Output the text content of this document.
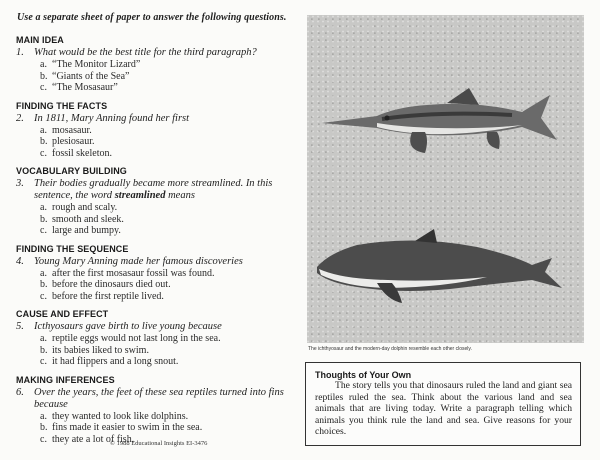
Use a separate sheet of paper to answer the following questions.
MAIN IDEA
1. What would be the best title for the third paragraph?
a. “The Monitor Lizard”
b. “Giants of the Sea”
c. “The Mosasaur”
FINDING THE FACTS
2. In 1811, Mary Anning found her first
a. mosasaur.
b. plesiosaur.
c. fossil skeleton.
VOCABULARY BUILDING
3. Their bodies gradually became more streamlined. In this sentence, the word streamlined means
a. rough and scaly.
b. smooth and sleek.
c. large and bumpy.
FINDING THE SEQUENCE
4. Young Mary Anning made her famous discoveries
a. after the first mosasaur fossil was found.
b. before the dinosaurs died out.
c. before the first reptile lived.
CAUSE AND EFFECT
5. Icthyosaurs gave birth to live young because
a. reptile eggs would not last long in the sea.
b. its babies liked to swim.
c. it had flippers and a long snout.
MAKING INFERENCES
6. Over the years, the feet of these sea reptiles turned into fins because
a. they wanted to look like dolphins.
b. fins made it easier to swim in the sea.
c. they ate a lot of fish.
© 1988 Educational Insights EI-3476
The ichthyosaur and the modern-day dolphin resemble each other closely.
Thoughts of Your Own

The story tells you that dinosaurs ruled the land and giant sea reptiles ruled the sea. Think about the various land and sea animals that are living today. Write a paragraph telling which animals you think rule the land and sea. Give reasons for your choices.
